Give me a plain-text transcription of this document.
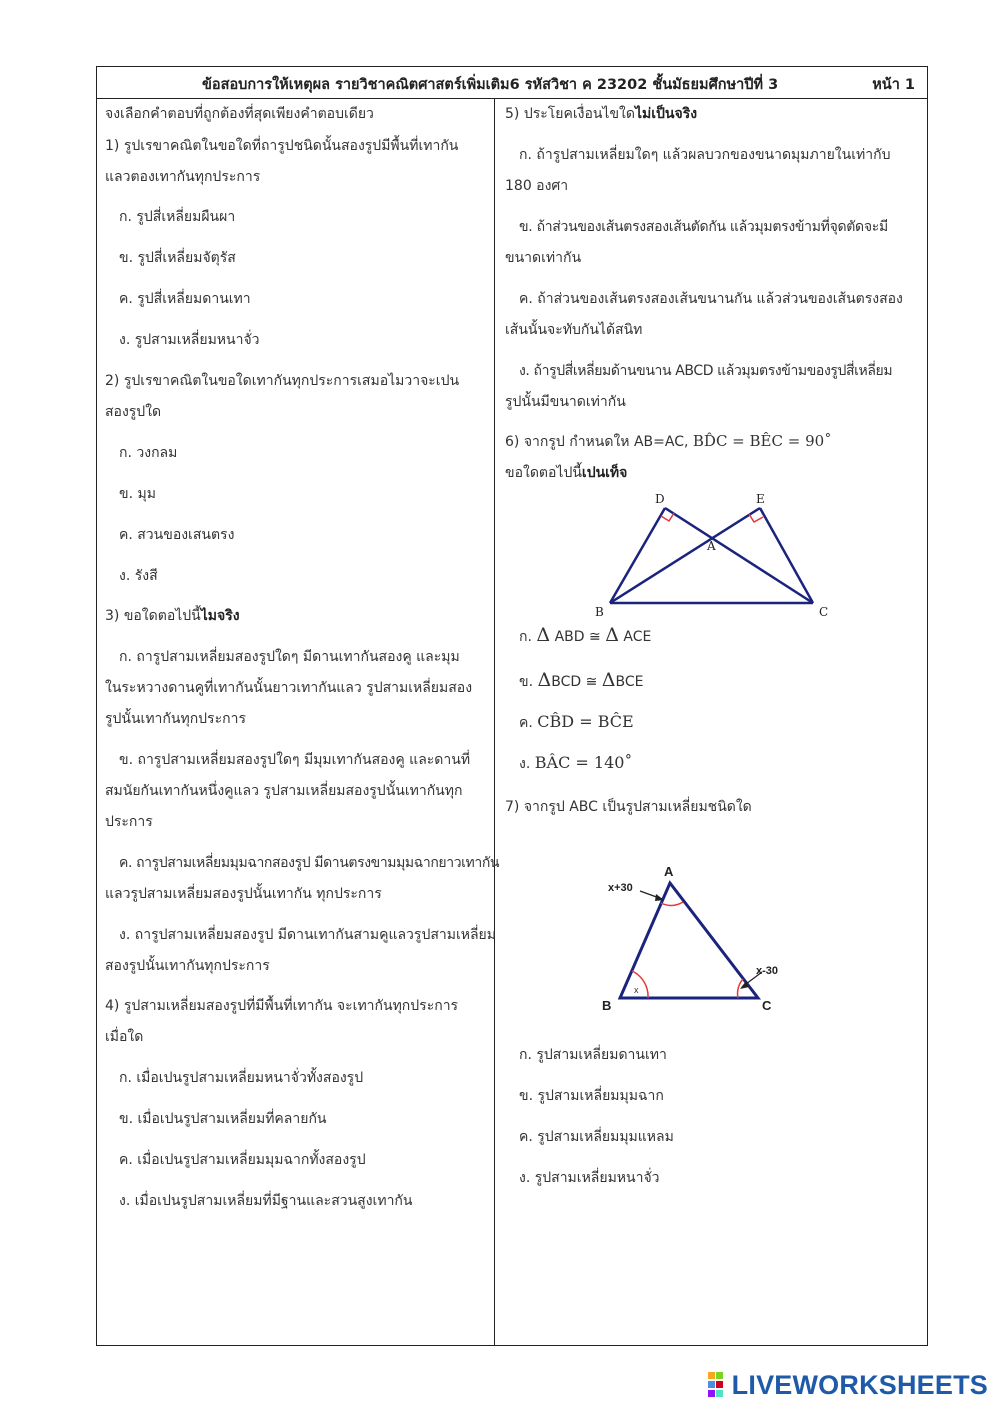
ข้อสอบการให้เหตุผล รายวิชาคณิตศาสตร์เพิ่มเติม6 รหัสวิชา ค 23202 ชั้นมัธยมศึกษาปีที่ 3	หน้า 1
จงเลือกคำตอบที่ถูกต้องที่สุดเพียงคำตอบเดียว
1) รูปเรขาคณิตในขอใดที่ถารูปชนิดนั้นสองรูปมีพื้นที่เทากัน
แลวตองเทากันทุกประการ
ก. รูปสี่เหลี่ยมผืนผา
ข. รูปสี่เหลี่ยมจัตุรัส
ค. รูปสี่เหลี่ยมดานเทา
ง. รูปสามเหลี่ยมหนาจั่ว
2) รูปเรขาคณิตในขอใดเทากันทุกประการเสมอไมวาจะเปน
สองรูปใด
ก. วงกลม
ข. มุม
ค. สวนของเสนตรง
ง. รังสี
3) ขอใดตอไปนี้ไมจริง
ก. ถารูปสามเหลี่ยมสองรูปใดๆ มีดานเทากันสองคู และมุม
ในระหวางดานคูที่เทากันนั้นยาวเทากันแลว รูปสามเหลี่ยมสอง
รูปนั้นเทากันทุกประการ
ข. ถารูปสามเหลี่ยมสองรูปใดๆ มีมุมเทากันสองคู และดานที่
สมนัยกันเทากันหนึ่งคูแลว รูปสามเหลี่ยมสองรูปนั้นเทากันทุก
ประการ
ค. ถารูปสามเหลี่ยมมุมฉากสองรูป มีดานตรงขามมุมฉากยาวเทากัน
แลวรูปสามเหลี่ยมสองรูปนั้นเทากัน ทุกประการ
ง. ถารูปสามเหลี่ยมสองรูป มีดานเทากันสามคูแลวรูปสามเหลี่ยม
สองรูปนั้นเทากันทุกประการ
4) รูปสามเหลี่ยมสองรูปที่มีพื้นที่เทากัน จะเทากันทุกประการ
เมื่อใด
ก. เมื่อเปนรูปสามเหลี่ยมหนาจั่วทั้งสองรูป
ข. เมื่อเปนรูปสามเหลี่ยมที่คลายกัน
ค. เมื่อเปนรูปสามเหลี่ยมมุมฉากทั้งสองรูป
ง. เมื่อเปนรูปสามเหลี่ยมที่มีฐานและสวนสูงเทากัน
5) ประโยคเงื่อนไขใดไม่เป็นจริง
ก. ถ้ารูปสามเหลี่ยมใดๆ แล้วผลบวกของขนาดมุมภายในเท่ากับ
180 องศา
ข. ถ้าส่วนของเส้นตรงสองเส้นตัดกัน แล้วมุมตรงข้ามที่จุดตัดจะมี
ขนาดเท่ากัน
ค. ถ้าส่วนของเส้นตรงสองเส้นขนานกัน แล้วส่วนของเส้นตรงสอง
เส้นนั้นจะทับกันได้สนิท
ง. ถ้ารูปสี่เหลี่ยมด้านขนาน ABCD แล้วมุมตรงข้ามของรูปสี่เหลี่ยม
รูปนั้นมีขนาดเท่ากัน
6) จากรูป กำหนดให AB=AC, BD̂C = BÊC = 90˚
ขอใดตอไปนี้เปนเท็จ
D	E
A
B	C
ก. Δ ABD ≅ Δ ACE
ข. ΔBCD ≅ ΔBCE
ค. CB̂D = BĈE
ง. BÂC = 140˚
7) จากรูป ABC เป็นรูปสามเหลี่ยมชนิดใด
A
B	C
x+30
x-30
x
ก. รูปสามเหลี่ยมดานเทา
ข. รูปสามเหลี่ยมมุมฉาก
ค. รูปสามเหลี่ยมมุมแหลม
ง. รูปสามเหลี่ยมหนาจั่ว
LIVEWORKSHEETS
